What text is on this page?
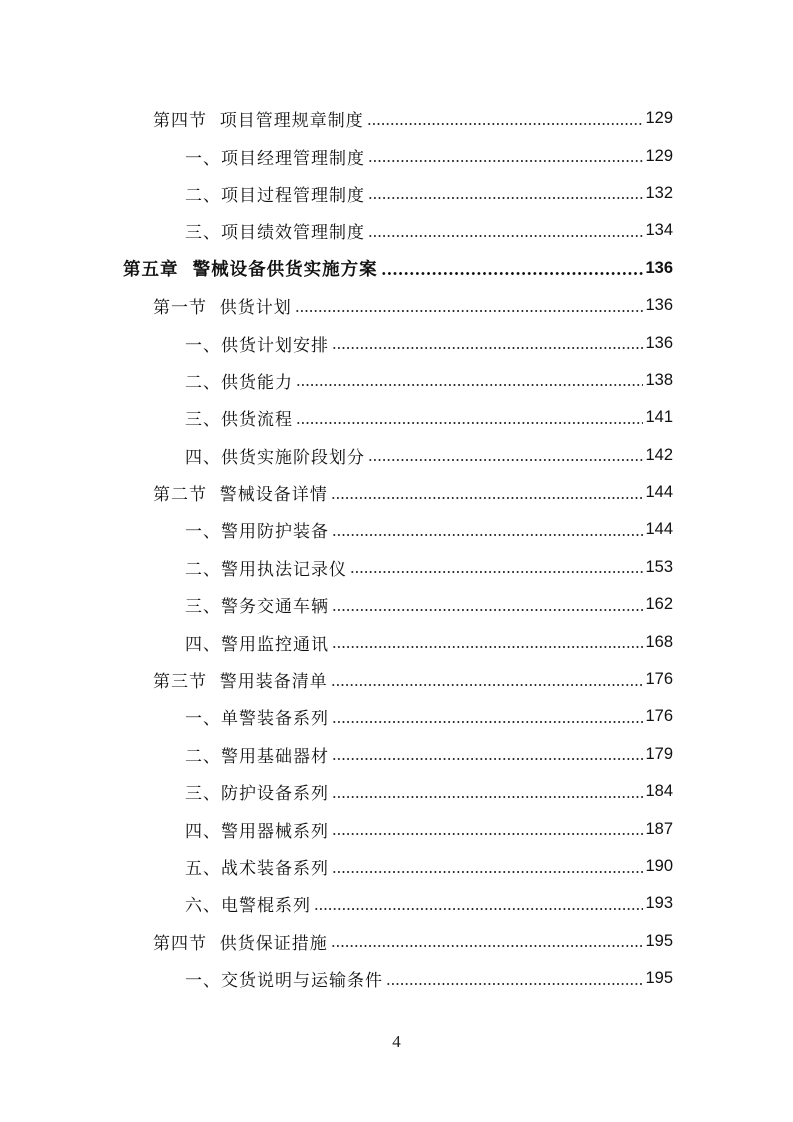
第四节  项目管理规章制度	129
一、项目经理管理制度	129
二、项目过程管理制度	132
三、项目绩效管理制度	134
第五章  警械设备供货实施方案	136
第一节  供货计划	136
一、供货计划安排	136
二、供货能力	138
三、供货流程	141
四、供货实施阶段划分	142
第二节  警械设备详情	144
一、警用防护装备	144
二、警用执法记录仪	153
三、警务交通车辆	162
四、警用监控通讯	168
第三节  警用装备清单	176
一、单警装备系列	176
二、警用基础器材	179
三、防护设备系列	184
四、警用器械系列	187
五、战术装备系列	190
六、电警棍系列	193
第四节  供货保证措施	195
一、交货说明与运输条件	195
4
